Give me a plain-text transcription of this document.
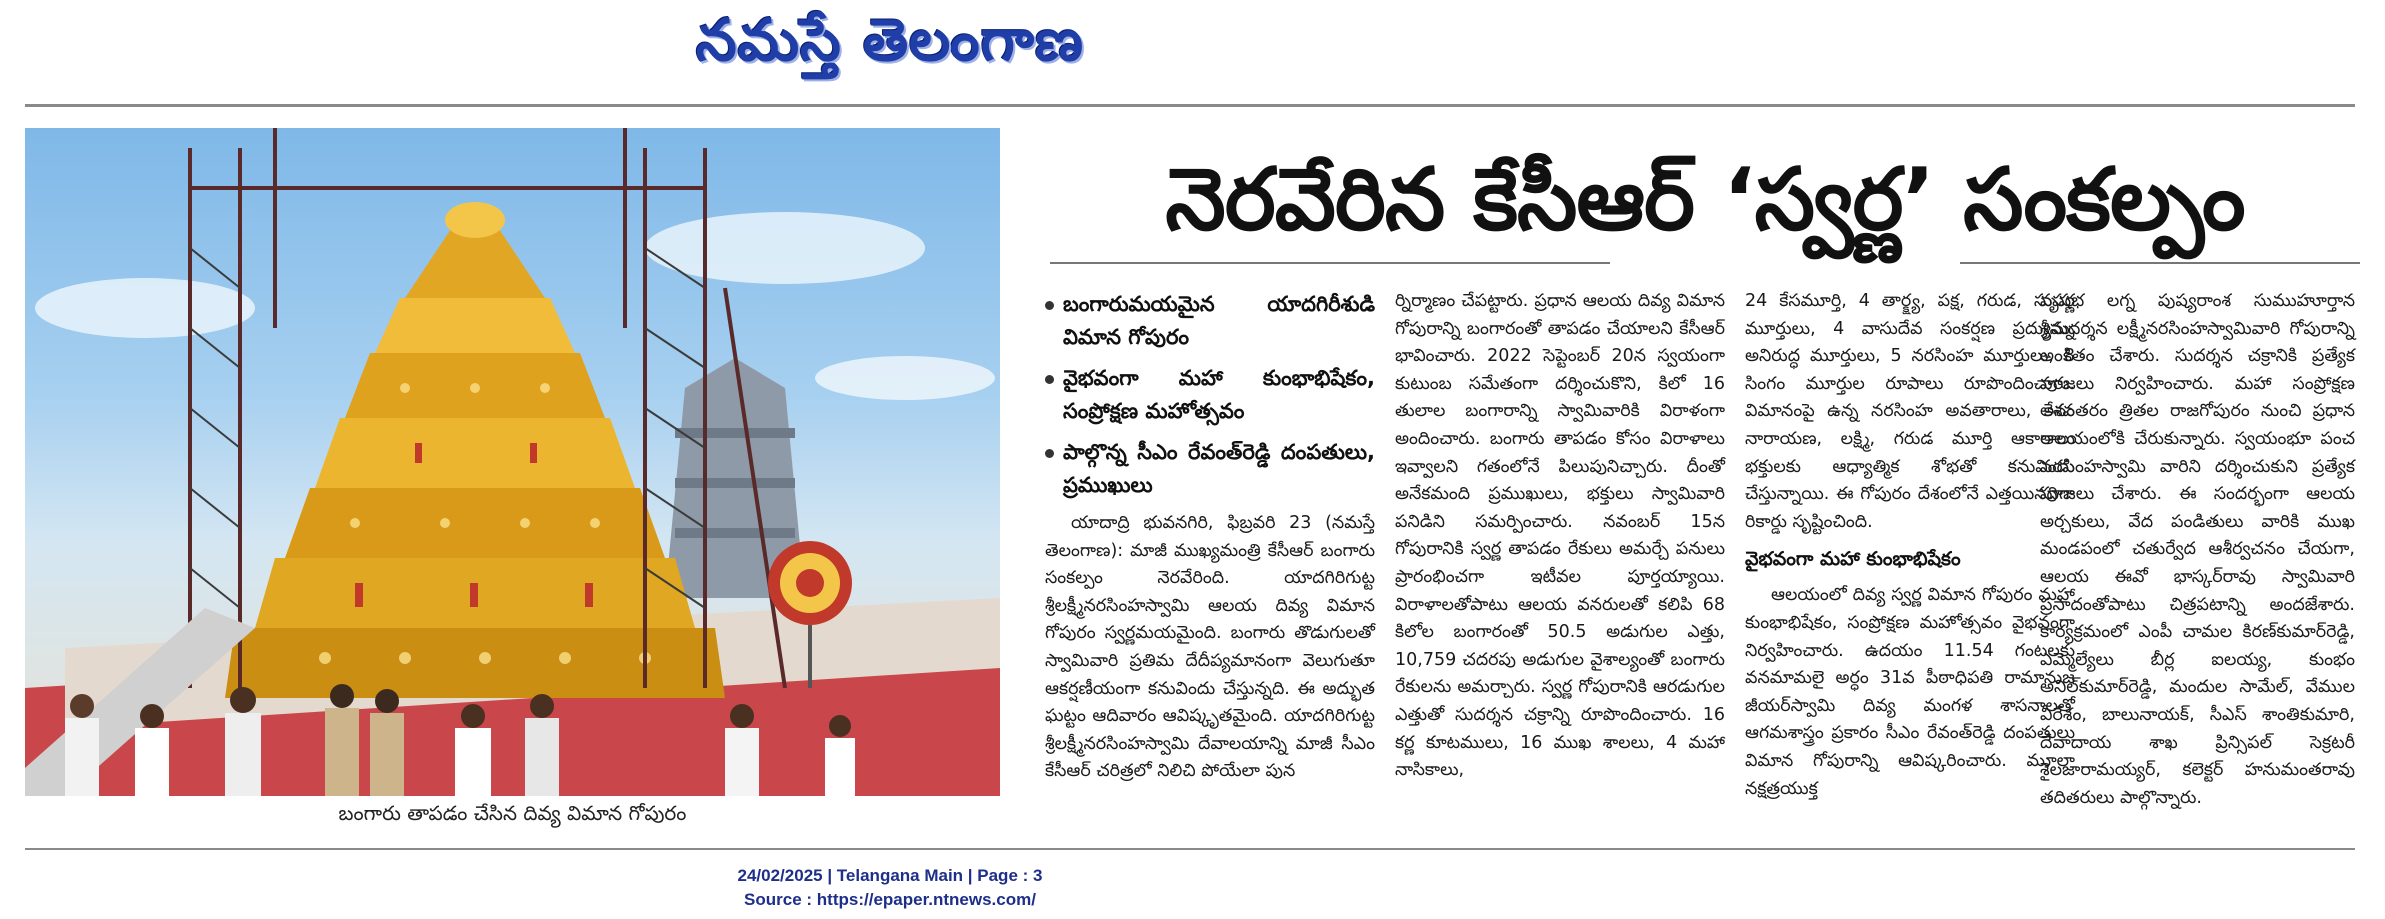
నమస్తే తెలంగాణ
బంగారు తాపడం చేసిన దివ్య విమాన గోపురం
నెరవేరిన కేసీఆర్ ‘స్వర్ణ’ సంకల్పం
బంగారుమయమైన యాదగిరీశుడి విమాన గోపురం
వైభవంగా మహా కుంభాభిషేకం, సంప్రోక్షణ మహోత్సవం
పాల్గొన్న సీఎం రేవంత్‌రెడ్డి దంపతులు, ప్రముఖులు

యాదాద్రి భువనగిరి, ఫిబ్రవరి 23 (నమస్తే తెలంగాణ): మాజీ ముఖ్యమంత్రి కేసీఆర్ బంగారు సంకల్పం నెరవేరింది. యాదగిరిగుట్ట శ్రీలక్ష్మీనరసింహస్వామి ఆలయ దివ్య విమాన గోపురం స్వర్ణమయమైంది. బంగారు తొడుగులతో స్వామివారి ప్రతిమ దేదీప్యమానంగా వెలుగుతూ ఆకర్షణీయంగా కనువిందు చేస్తున్నది. ఈ అద్భుత ఘట్టం ఆదివారం ఆవిష్కృతమైంది. యాదగిరిగుట్ట శ్రీలక్ష్మీనరసింహస్వామి దేవాలయాన్ని మాజీ సీఎం కేసీఆర్ చరిత్రలో నిలిచి పోయేలా పున

ర్నిర్మాణం చేపట్టారు. ప్రధాన ఆలయ దివ్య విమాన గోపురాన్ని బంగారంతో తాపడం చేయాలని కేసీఆర్ భావించారు. 2022 సెప్టెంబర్ 20న స్వయంగా కుటుంబ సమేతంగా దర్శించుకొని, కిలో 16 తులాల బంగారాన్ని స్వామివారికి విరాళంగా అందించారు. బంగారు తాపడం కోసం విరాళాలు ఇవ్వాలని గతంలోనే పిలుపునిచ్చారు. దీంతో అనేకమంది ప్రముఖులు, భక్తులు స్వామివారి పనిడిని సమర్పించారు. నవంబర్ 15న గోపురానికి స్వర్ణ తాపడం రేకులు అమర్చే పనులు ప్రారంభించగా ఇటీవల పూర్తయ్యాయి. విరాళాలతోపాటు ఆలయ వనరులతో కలిపి 68 కిలోల బంగారంతో 50.5 అడుగుల ఎత్తు, 10,759 చదరపు అడుగుల వైశాల్యంతో బంగారు రేకులను అమర్చారు. స్వర్ణ గోపురానికి ఆరడుగుల ఎత్తుతో సుదర్శన చక్రాన్ని రూపొందించారు. 16 కర్ణ కూటములు, 16 ముఖ శాలలు, 4 మహా నాసికాలు,

24 కేసమూర్తి, 4 తార్క్ష్య, పక్ష, గరుడ, సుపర్ణ మూర్తులు, 4 వాసుదేవ సంకర్షణ ప్రద్యుమ్న అనిరుద్ధ మూర్తులు, 5 నరసింహ మూర్తులు, 8 సింగం మూర్తుల రూపాలు రూపొందించారు. విమానంపై ఉన్న నరసింహ అవతారాలు, కేశవ నారాయణ, లక్ష్మి, గరుడ మూర్తి ఆకారాలు భక్తులకు ఆధ్యాత్మిక శోభతో కనువిందు చేస్తున్నాయి. ఈ గోపురం దేశంలోనే ఎత్తయినదిగా రికార్డు సృష్టించింది.

వైభవంగా మహా కుంభాభిషేకం

ఆలయంలో దివ్య స్వర్ణ విమాన గోపురం మహా కుంభాభిషేకం, సంప్రోక్షణ మహోత్సవం వైభవంగా నిర్వహించారు. ఉదయం 11.54 గంటలకు వనమామలై అర్ధం 31వ పీఠాధిపతి రామానుజ జీయర్‌స్వామి దివ్య మంగళ శాసనాలతో ఆగమశాస్త్రం ప్రకారం సీఎం రేవంత్‌రెడ్డి దంపతులు విమాన గోపురాన్ని ఆవిష్కరించారు. మూలా నక్షత్రయుక్త

వృషభ లగ్న పుష్యరాంశ సుముహూర్తాన శ్రీసుదర్శన లక్ష్మీనరసింహస్వామివారి గోపురాన్ని అంకితం చేశారు. సుదర్శన చక్రానికి ప్రత్యేక పూజలు నిర్వహించారు. మహా సంప్రోక్షణ అనంతరం త్రితల రాజగోపురం నుంచి ప్రధాన ఆలయంలోకి చేరుకున్నారు. స్వయంభూ పంచ నరసింహస్వామి వారిని దర్శించుకుని ప్రత్యేక పూజలు చేశారు. ఈ సందర్భంగా ఆలయ అర్చకులు, వేద పండితులు వారికి ముఖ మండపంలో చతుర్వేద ఆశీర్వచనం చేయగా, ఆలయ ఈవో భాస్కర్‌రావు స్వామివారి ప్రసాదంతోపాటు చిత్రపటాన్ని అందజేశారు. కార్యక్రమంలో ఎంపీ చామల కిరణ్‌కుమార్‌రెడ్డి, ఎమ్మెల్యేలు బీర్ల ఐలయ్య, కుంభం అనిల్‌కుమార్‌రెడ్డి, మందుల సామేల్, వేముల వీరేశం, బాలునాయక్, సీఎస్ శాంతికుమారి, దేవాదాయ శాఖ ప్రిన్సిపల్ సెక్రటరీ శైలజారామయ్యర్, కలెక్టర్ హనుమంతరావు తదితరులు పాల్గొన్నారు.

24/02/2025 | Telangana Main | Page : 3
Source : https://epaper.ntnews.com/
